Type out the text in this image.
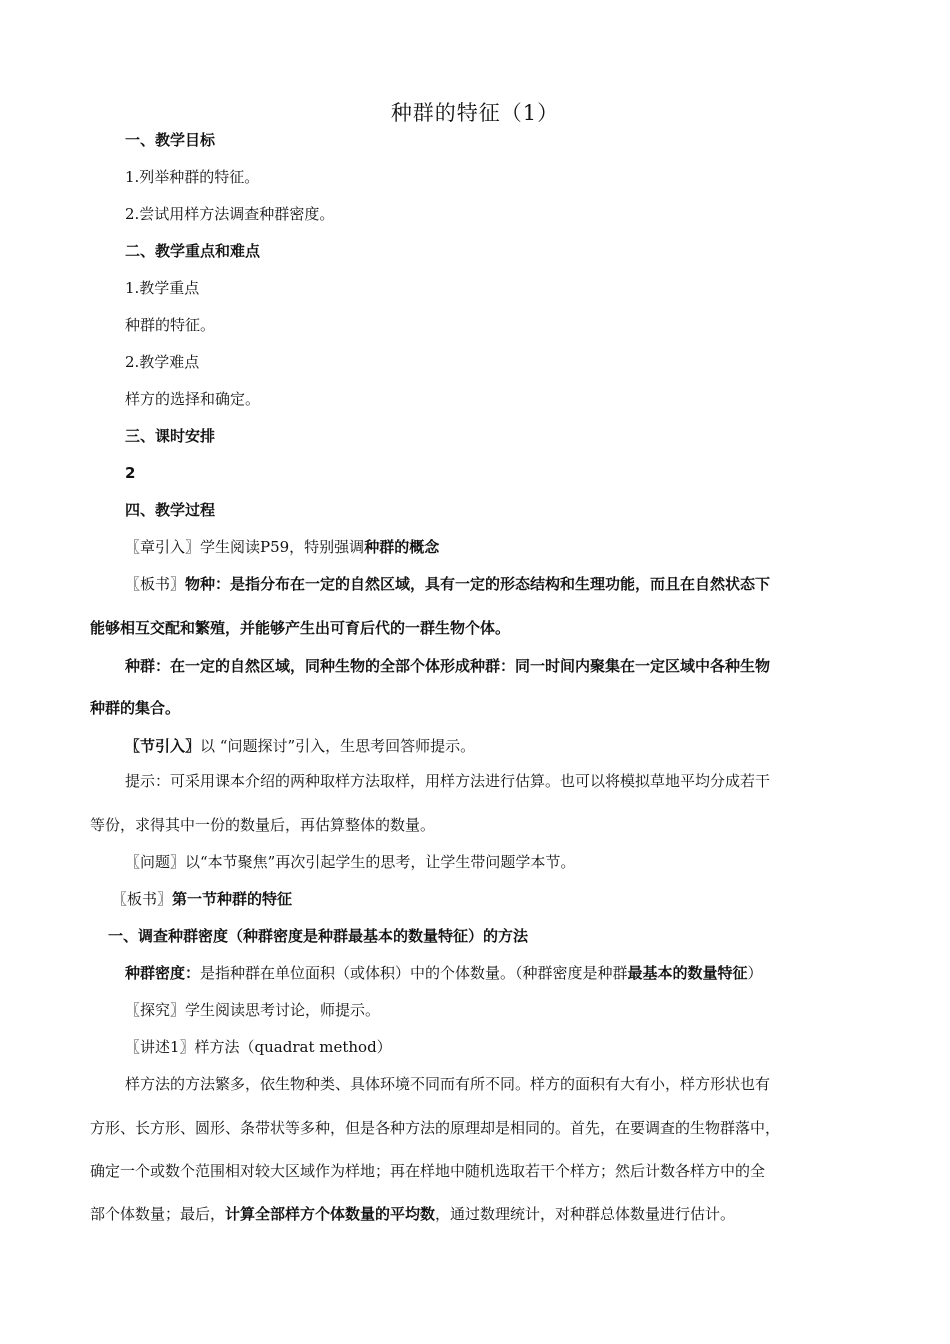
种群的特征（1）
一、教学目标
1.列举种群的特征。
2.尝试用样方法调查种群密度。
二、教学重点和难点
1.教学重点
种群的特征。
2.教学难点
样方的选择和确定。
三、课时安排
2
四、教学过程
〖章引入〗学生阅读P59，特别强调种群的概念
〖板书〗物种：是指分布在一定的自然区域，具有一定的形态结构和生理功能，而且在自然状态下
能够相互交配和繁殖，并能够产生出可育后代的一群生物个体。
种群：在一定的自然区域，同种生物的全部个体形成种群：同一时间内聚集在一定区域中各种生物
种群的集合。
〖节引入〗以 “问题探讨”引入，生思考回答师提示。
提示：可采用课本介绍的两种取样方法取样，用样方法进行估算。也可以将模拟草地平均分成若干
等份，求得其中一份的数量后，再估算整体的数量。
〖问题〗以“本节聚焦”再次引起学生的思考，让学生带问题学本节。
〖板书〗第一节种群的特征
一、调查种群密度（种群密度是种群最基本的数量特征）的方法
种群密度：是指种群在单位面积（或体积）中的个体数量。（种群密度是种群最基本的数量特征）
〖探究〗学生阅读思考讨论，师提示。
〖讲述1〗样方法（quadrat method）
样方法的方法繁多，依生物种类、具体环境不同而有所不同。样方的面积有大有小，样方形状也有
方形、长方形、圆形、条带状等多种，但是各种方法的原理却是相同的。首先，在要调查的生物群落中，
确定一个或数个范围相对较大区域作为样地；再在样地中随机选取若干个样方；然后计数各样方中的全
部个体数量；最后，计算全部样方个体数量的平均数，通过数理统计，对种群总体数量进行估计。
